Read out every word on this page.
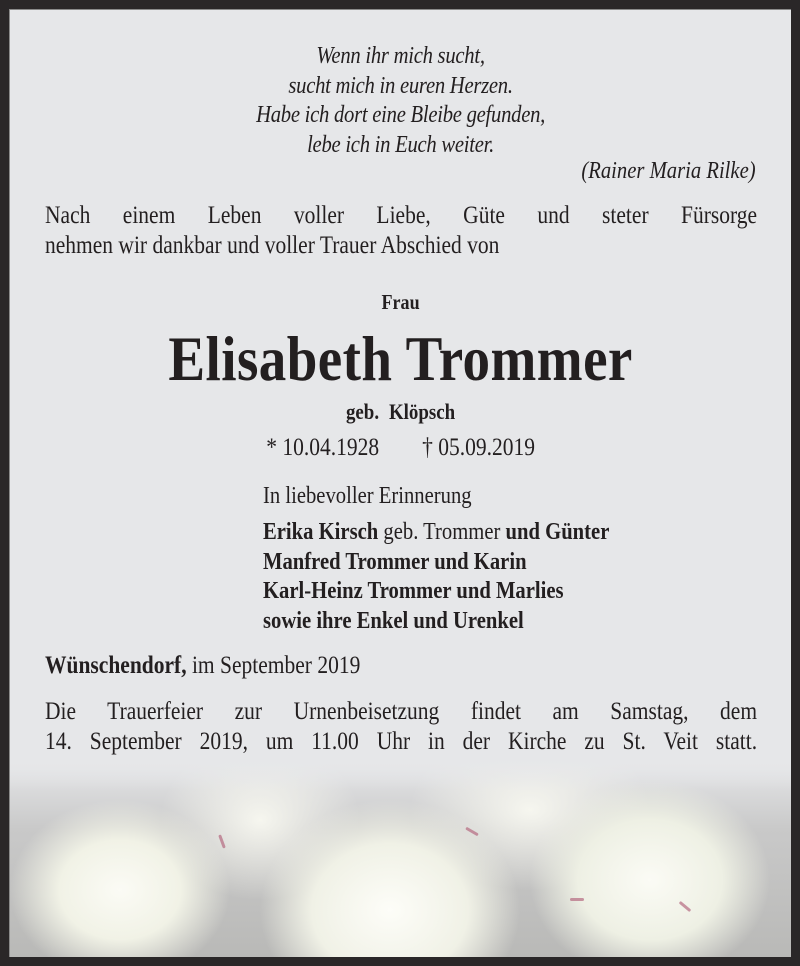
Wenn ihr mich sucht,
sucht mich in euren Herzen.
Habe ich dort eine Bleibe gefunden,
lebe ich in Euch weiter.
(Rainer Maria Rilke)
Nach einem Leben voller Liebe, Güte und steter Fürsorge
nehmen wir dankbar und voller Trauer Abschied von
Frau
Elisabeth Trommer
geb. Klöpsch
* 10.04.1928 † 05.09.2019
In liebevoller Erinnerung
Erika Kirsch geb. Trommer und Günter
Manfred Trommer und Karin
Karl-Heinz Trommer und Marlies
sowie ihre Enkel und Urenkel
Wünschendorf, im September 2019
Die Trauerfeier zur Urnenbeisetzung findet am Samstag, dem
14. September 2019, um 11.00 Uhr in der Kirche zu St. Veit statt.
